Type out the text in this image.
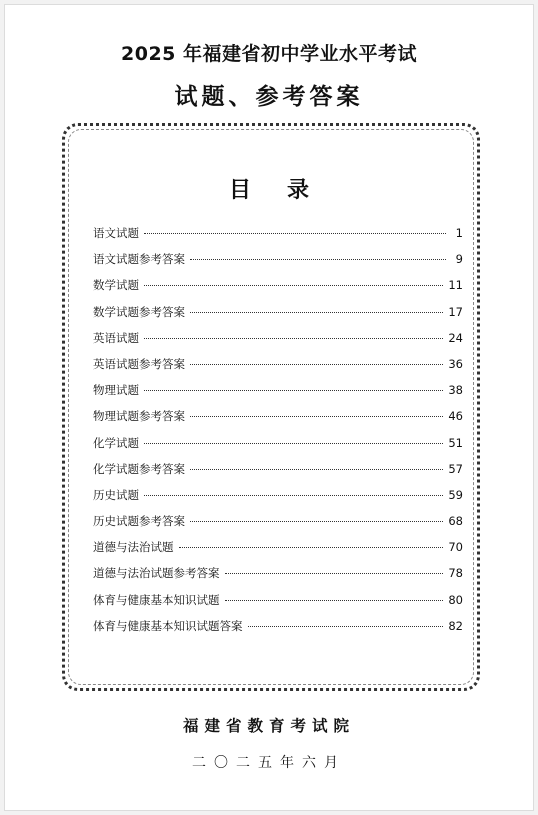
2025 年福建省初中学业水平考试
试题、参考答案
目录
语文试题	1
语文试题参考答案	9
数学试题	11
数学试题参考答案	17
英语试题	24
英语试题参考答案	36
物理试题	38
物理试题参考答案	46
化学试题	51
化学试题参考答案	57
历史试题	59
历史试题参考答案	68
道德与法治试题	70
道德与法治试题参考答案	78
体育与健康基本知识试题	80
体育与健康基本知识试题答案	82
福建省教育考试院
二〇二五年六月
